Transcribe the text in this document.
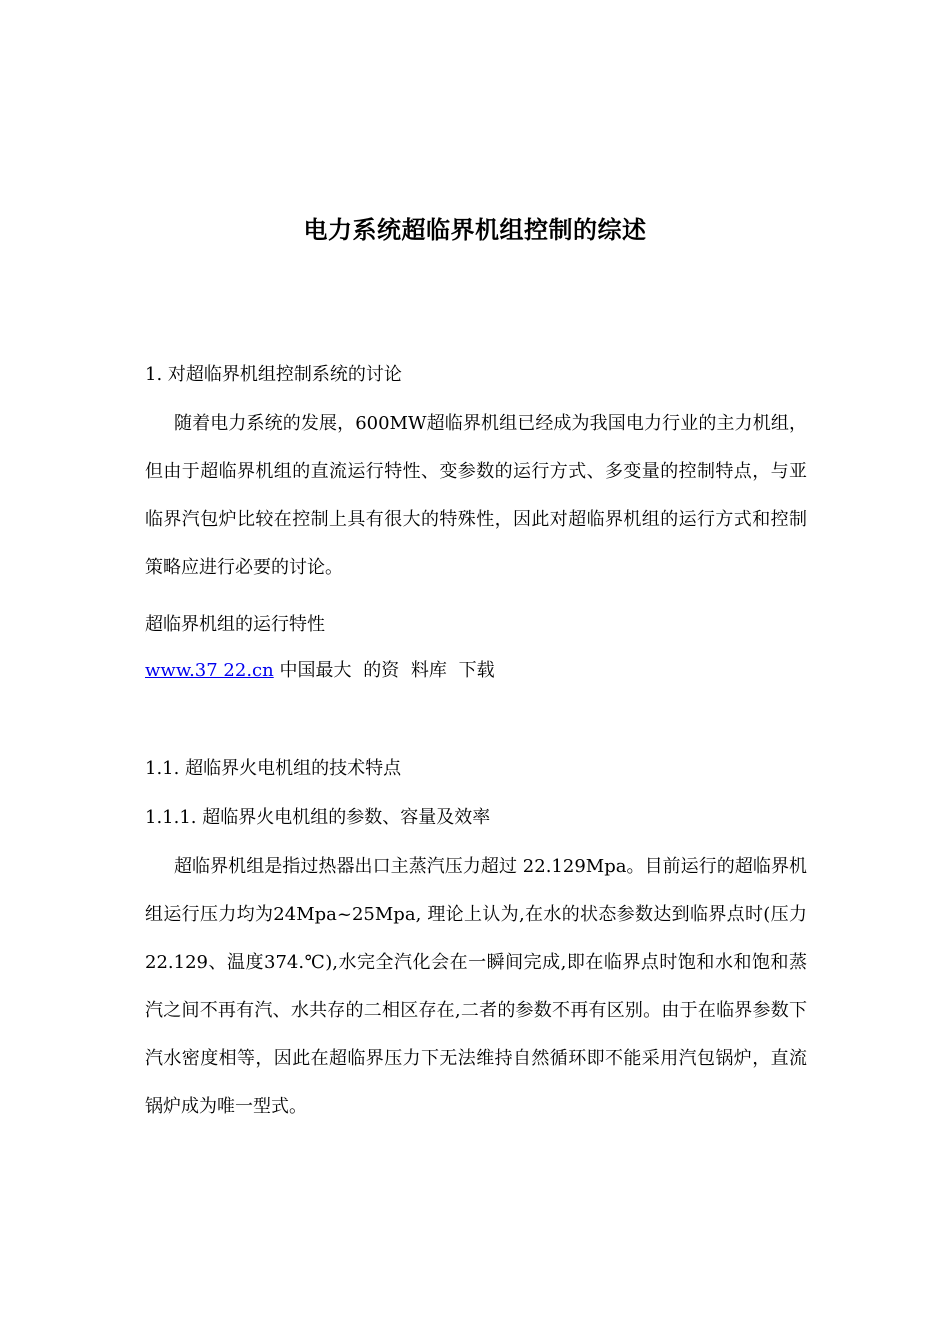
电力系统超临界机组控制的综述
1. 对超临界机组控制系统的讨论
随着电力系统的发展，600MW超临界机组已经成为我国电力行业的主力机组，但由于超临界机组的直流运行特性、变参数的运行方式、多变量的控制特点，与亚临界汽包炉比较在控制上具有很大的特殊性，因此对超临界机组的运行方式和控制策略应进行必要的讨论。
超临界机组的运行特性
www.37 22.cn 中国最大 的资 料库 下载
1.1. 超临界火电机组的技术特点
1.1.1. 超临界火电机组的参数、容量及效率
超临界机组是指过热器出口主蒸汽压力超过 22.129Mpa。目前运行的超临界机组运行压力均为24Mpa~25Mpa, 理论上认为,在水的状态参数达到临界点时(压力22.129、温度374.℃),水完全汽化会在一瞬间完成,即在临界点时饱和水和饱和蒸汽之间不再有汽、水共存的二相区存在,二者的参数不再有区别。由于在临界参数下汽水密度相等，因此在超临界压力下无法维持自然循环即不能采用汽包锅炉，直流锅炉成为唯一型式。
